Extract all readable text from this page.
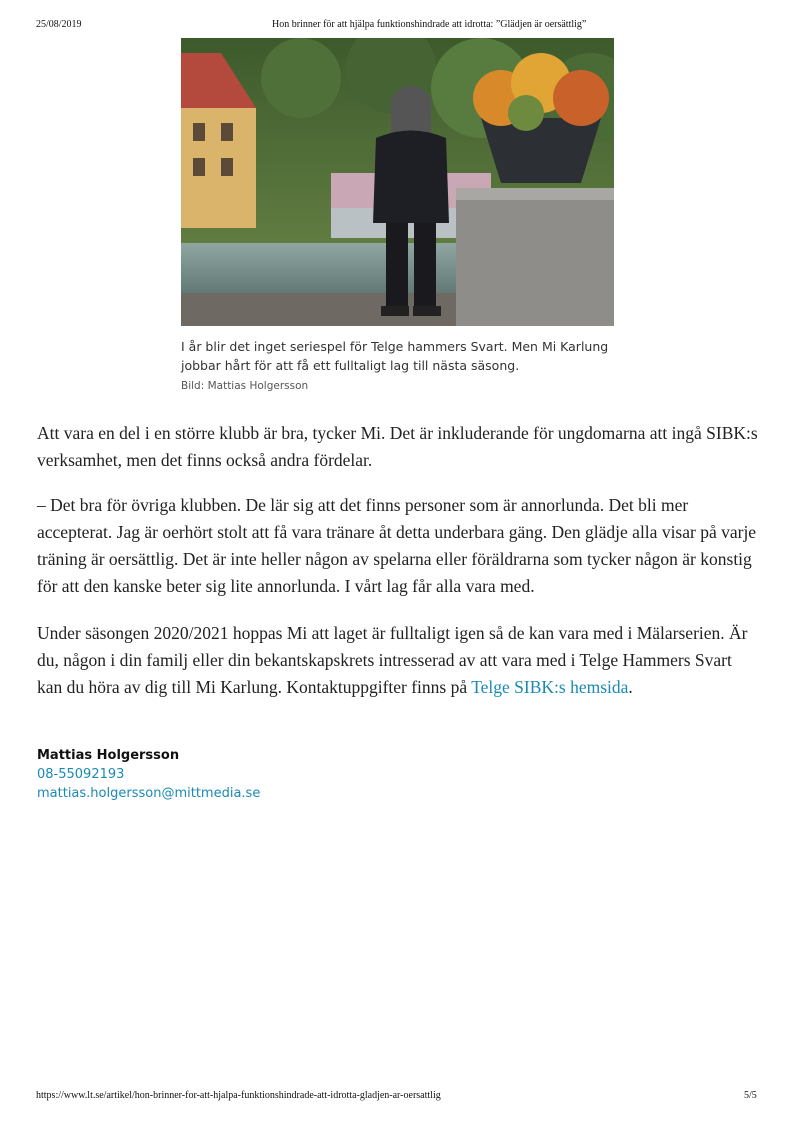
25/08/2019	Hon brinner för att hjälpa funktionshindrade att idrotta: ”Glädjen är oersättlig”
I år blir det inget seriespel för Telge hammers Svart. Men Mi Karlung jobbar hårt för att få ett fulltaligt lag till nästa säsong.
Bild: Mattias Holgersson

Att vara en del i en större klubb är bra, tycker Mi. Det är inkluderande för ungdomarna att ingå SIBK:s verksamhet, men det finns också andra fördelar.

– Det bra för övriga klubben. De lär sig att det finns personer som är annorlunda. Det bli mer accepterat. Jag är oerhört stolt att få vara tränare åt detta underbara gäng. Den glädje alla visar på varje träning är oersättlig. Det är inte heller någon av spelarna eller föräldrarna som tycker någon är konstig för att den kanske beter sig lite annorlunda. I vårt lag får alla vara med.

Under säsongen 2020/2021 hoppas Mi att laget är fulltaligt igen så de kan vara med i Mälarserien. Är du, någon i din familj eller din bekantskapskrets intresserad av att vara med i Telge Hammers Svart kan du höra av dig till Mi Karlung. Kontaktuppgifter finns på Telge SIBK:s hemsida.

Mattias Holgersson
08-55092193
mattias.holgersson@mittmedia.se
https://www.lt.se/artikel/hon-brinner-for-att-hjalpa-funktionshindrade-att-idrotta-gladjen-ar-oersattlig	5/5
